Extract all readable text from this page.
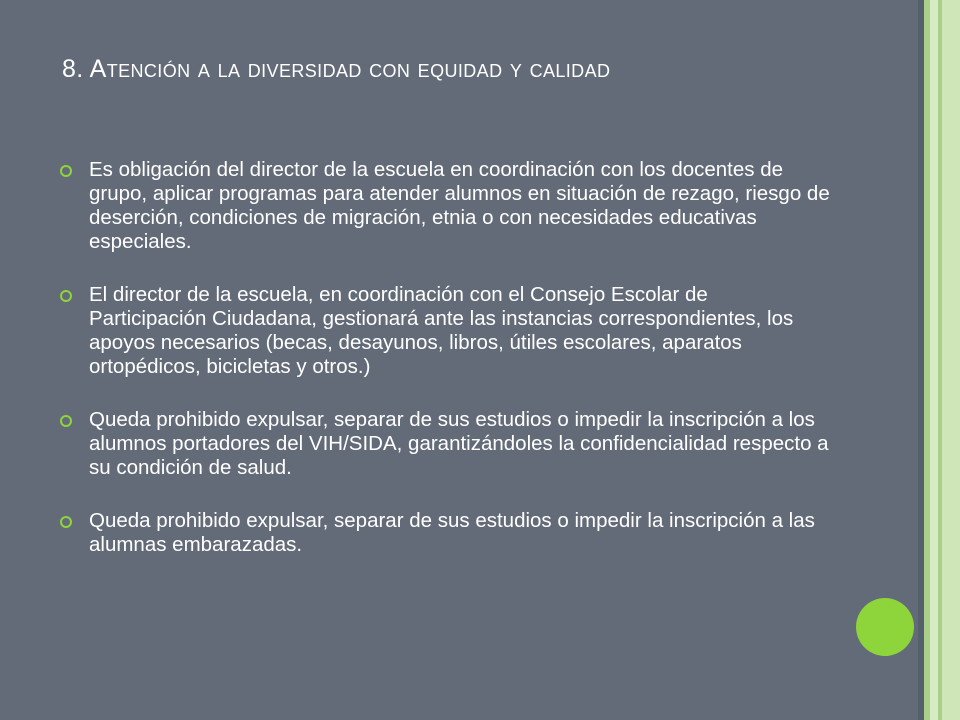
8. Atención a la diversidad con equidad y calidad
Es obligación del director de la escuela en coordinación con los docentes de grupo, aplicar programas para atender alumnos en situación de rezago, riesgo de deserción, condiciones de migración, etnia o con necesidades educativas especiales.
El director de la escuela, en coordinación con el Consejo Escolar de Participación Ciudadana, gestionará ante las instancias correspondientes, los apoyos necesarios (becas, desayunos, libros, útiles escolares, aparatos ortopédicos, bicicletas y otros.)
Queda prohibido expulsar, separar de sus estudios o impedir la inscripción a los alumnos portadores del VIH/SIDA, garantizándoles la confidencialidad respecto a su condición de salud.
Queda prohibido expulsar, separar de sus estudios o impedir la inscripción a las alumnas embarazadas.
